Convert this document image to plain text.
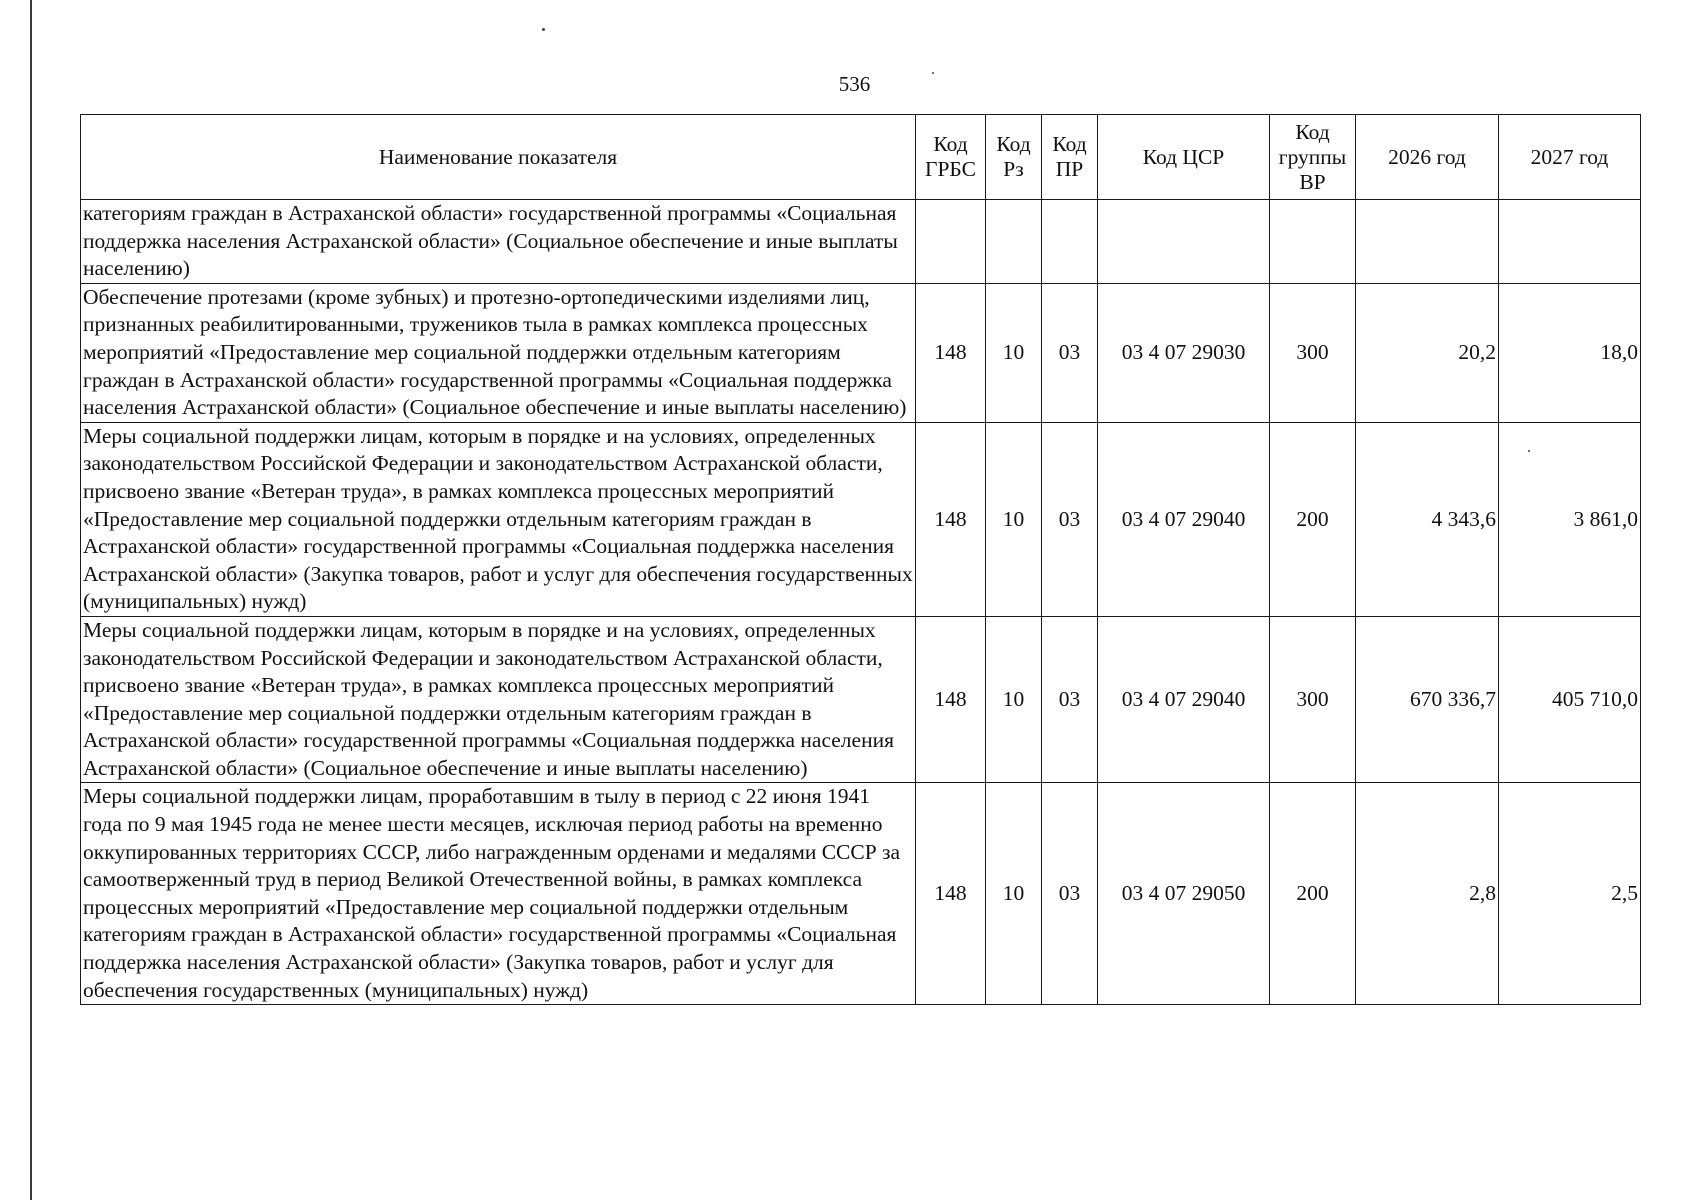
536
Наименование показателя	Код ГРБС	Код Рз	Код ПР	Код ЦСР	Код группы ВР	2026 год	2027 год
категориям граждан в Астраханской области» государственной программы «Социальная поддержка населения Астраханской области» (Социальное обеспечение и иные выплаты населению)							
Обеспечение протезами (кроме зубных) и протезно-ортопедическими изделиями лиц, признанных реабилитированными, тружеников тыла в рамках комплекса процессных мероприятий «Предоставление мер социальной поддержки отдельным категориям граждан в Астраханской области» государственной программы «Социальная поддержка населения Астраханской области» (Социальное обеспечение и иные выплаты населению)	148	10	03	03 4 07 29030	300	20,2	18,0
Меры социальной поддержки лицам, которым в порядке и на условиях, определенных законодательством Российской Федерации и законодательством Астраханской области, присвоено звание «Ветеран труда», в рамках комплекса процессных мероприятий «Предоставление мер социальной поддержки отдельным категориям граждан в Астраханской области» государственной программы «Социальная поддержка населения Астраханской области» (Закупка товаров, работ и услуг для обеспечения государственных (муниципальных) нужд)	148	10	03	03 4 07 29040	200	4 343,6	3 861,0
Меры социальной поддержки лицам, которым в порядке и на условиях, определенных законодательством Российской Федерации и законодательством Астраханской области, присвоено звание «Ветеран труда», в рамках комплекса процессных мероприятий «Предоставление мер социальной поддержки отдельным категориям граждан в Астраханской области» государственной программы «Социальная поддержка населения Астраханской области» (Социальное обеспечение и иные выплаты населению)	148	10	03	03 4 07 29040	300	670 336,7	405 710,0
Меры социальной поддержки лицам, проработавшим в тылу в период с 22 июня 1941 года по 9 мая 1945 года не менее шести месяцев, исключая период работы на временно оккупированных территориях СССР, либо награжденным орденами и медалями СССР за самоотверженный труд в период Великой Отечественной войны, в рамках комплекса процессных мероприятий «Предоставление мер социальной поддержки отдельным категориям граждан в Астраханской области» государственной программы «Социальная поддержка населения Астраханской области» (Закупка товаров, работ и услуг для обеспечения государственных (муниципальных) нужд)	148	10	03	03 4 07 29050	200	2,8	2,5
